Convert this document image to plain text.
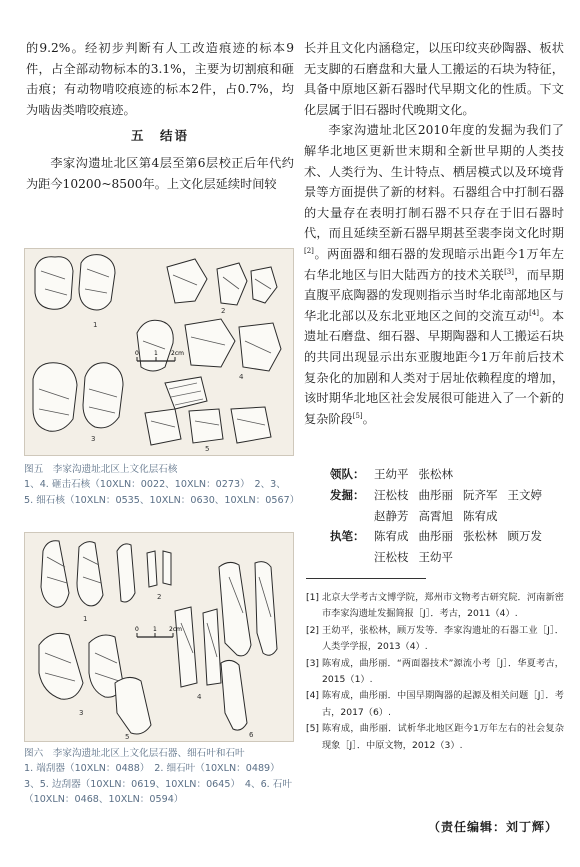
的9.2%。经初步判断有人工改造痕迹的标本9件，占全部动物标本的3.1%，主要为切割痕和砸击痕；有动物啃咬痕迹的标本2件，占0.7%，均为啮齿类啃咬痕迹。

五　结语

李家沟遗址北区第4层至第6层校正后年代约为距今10200~8500年。上文化层延续时间较

1
2
3
4
5
0	1 2cm
图五　李家沟遗址北区上文化层石核
1、4. 砸击石核（10XLN：0022、10XLN：0273）　2、3、
5. 细石核（10XLN：0535、10XLN：0630、10XLN：0567）
1
2
3
4
5	6
0 1 2cm
图六　李家沟遗址北区上文化层石器、细石叶和石叶
1. 端刮器（10XLN：0488）　2. 细石叶（10XLN：0489）
3、5. 边刮器（10XLN：0619、10XLN：0645）　4、6. 石叶
（10XLN：0468、10XLN：0594）

长并且文化内涵稳定，以压印纹夹砂陶器、板状无支脚的石磨盘和大量人工搬运的石块为特征，具备中原地区新石器时代早期文化的性质。下文化层属于旧石器时代晚期文化。

李家沟遗址北区2010年度的发掘为我们了解华北地区更新世末期和全新世早期的人类技术、人类行为、生计特点、栖居模式以及环境背景等方面提供了新的材料。石器组合中打制石器的大量存在表明打制石器不只存在于旧石器时代，而且延续至新石器早期甚至裴李岗文化时期[2]。两面器和细石器的发现暗示出距今1万年左右华北地区与旧大陆西方的技术关联[3]，而早期直腹平底陶器的发现则指示当时华北南部地区与华北北部以及东北亚地区之间的交流互动[4]。本遗址石磨盘、细石器、早期陶器和人工搬运石块的共同出现显示出东亚腹地距今1万年前后技术复杂化的加剧和人类对于居址依赖程度的增加，该时期华北地区社会发展很可能进入了一个新的复杂阶段[5]。

领队： 王幼平 张松林
发掘： 汪松枝 曲彤丽 阮齐军 王文婷
赵静芳 高霄旭 陈宥成
执笔： 陈宥成 曲彤丽 张松林 顾万发
汪松枝 王幼平
[1] 北京大学考古文博学院，郑州市文物考古研究院．河南新密市李家沟遗址发掘简报［J］．考古，2011（4）.
[2] 王幼平，张松林，顾万发等．李家沟遗址的石器工业［J］．人类学学报，2013（4）.
[3] 陈宥成，曲彤丽．“两面器技术”源流小考［J］．华夏考古，2015（1）.
[4] 陈宥成，曲彤丽．中国早期陶器的起源及相关问题［J］．考古，2017（6）.
[5] 陈宥成，曲彤丽．试析华北地区距今1万年左右的社会复杂现象［J］．中原文物，2012（3）.
（责任编辑：刘丁辉）
